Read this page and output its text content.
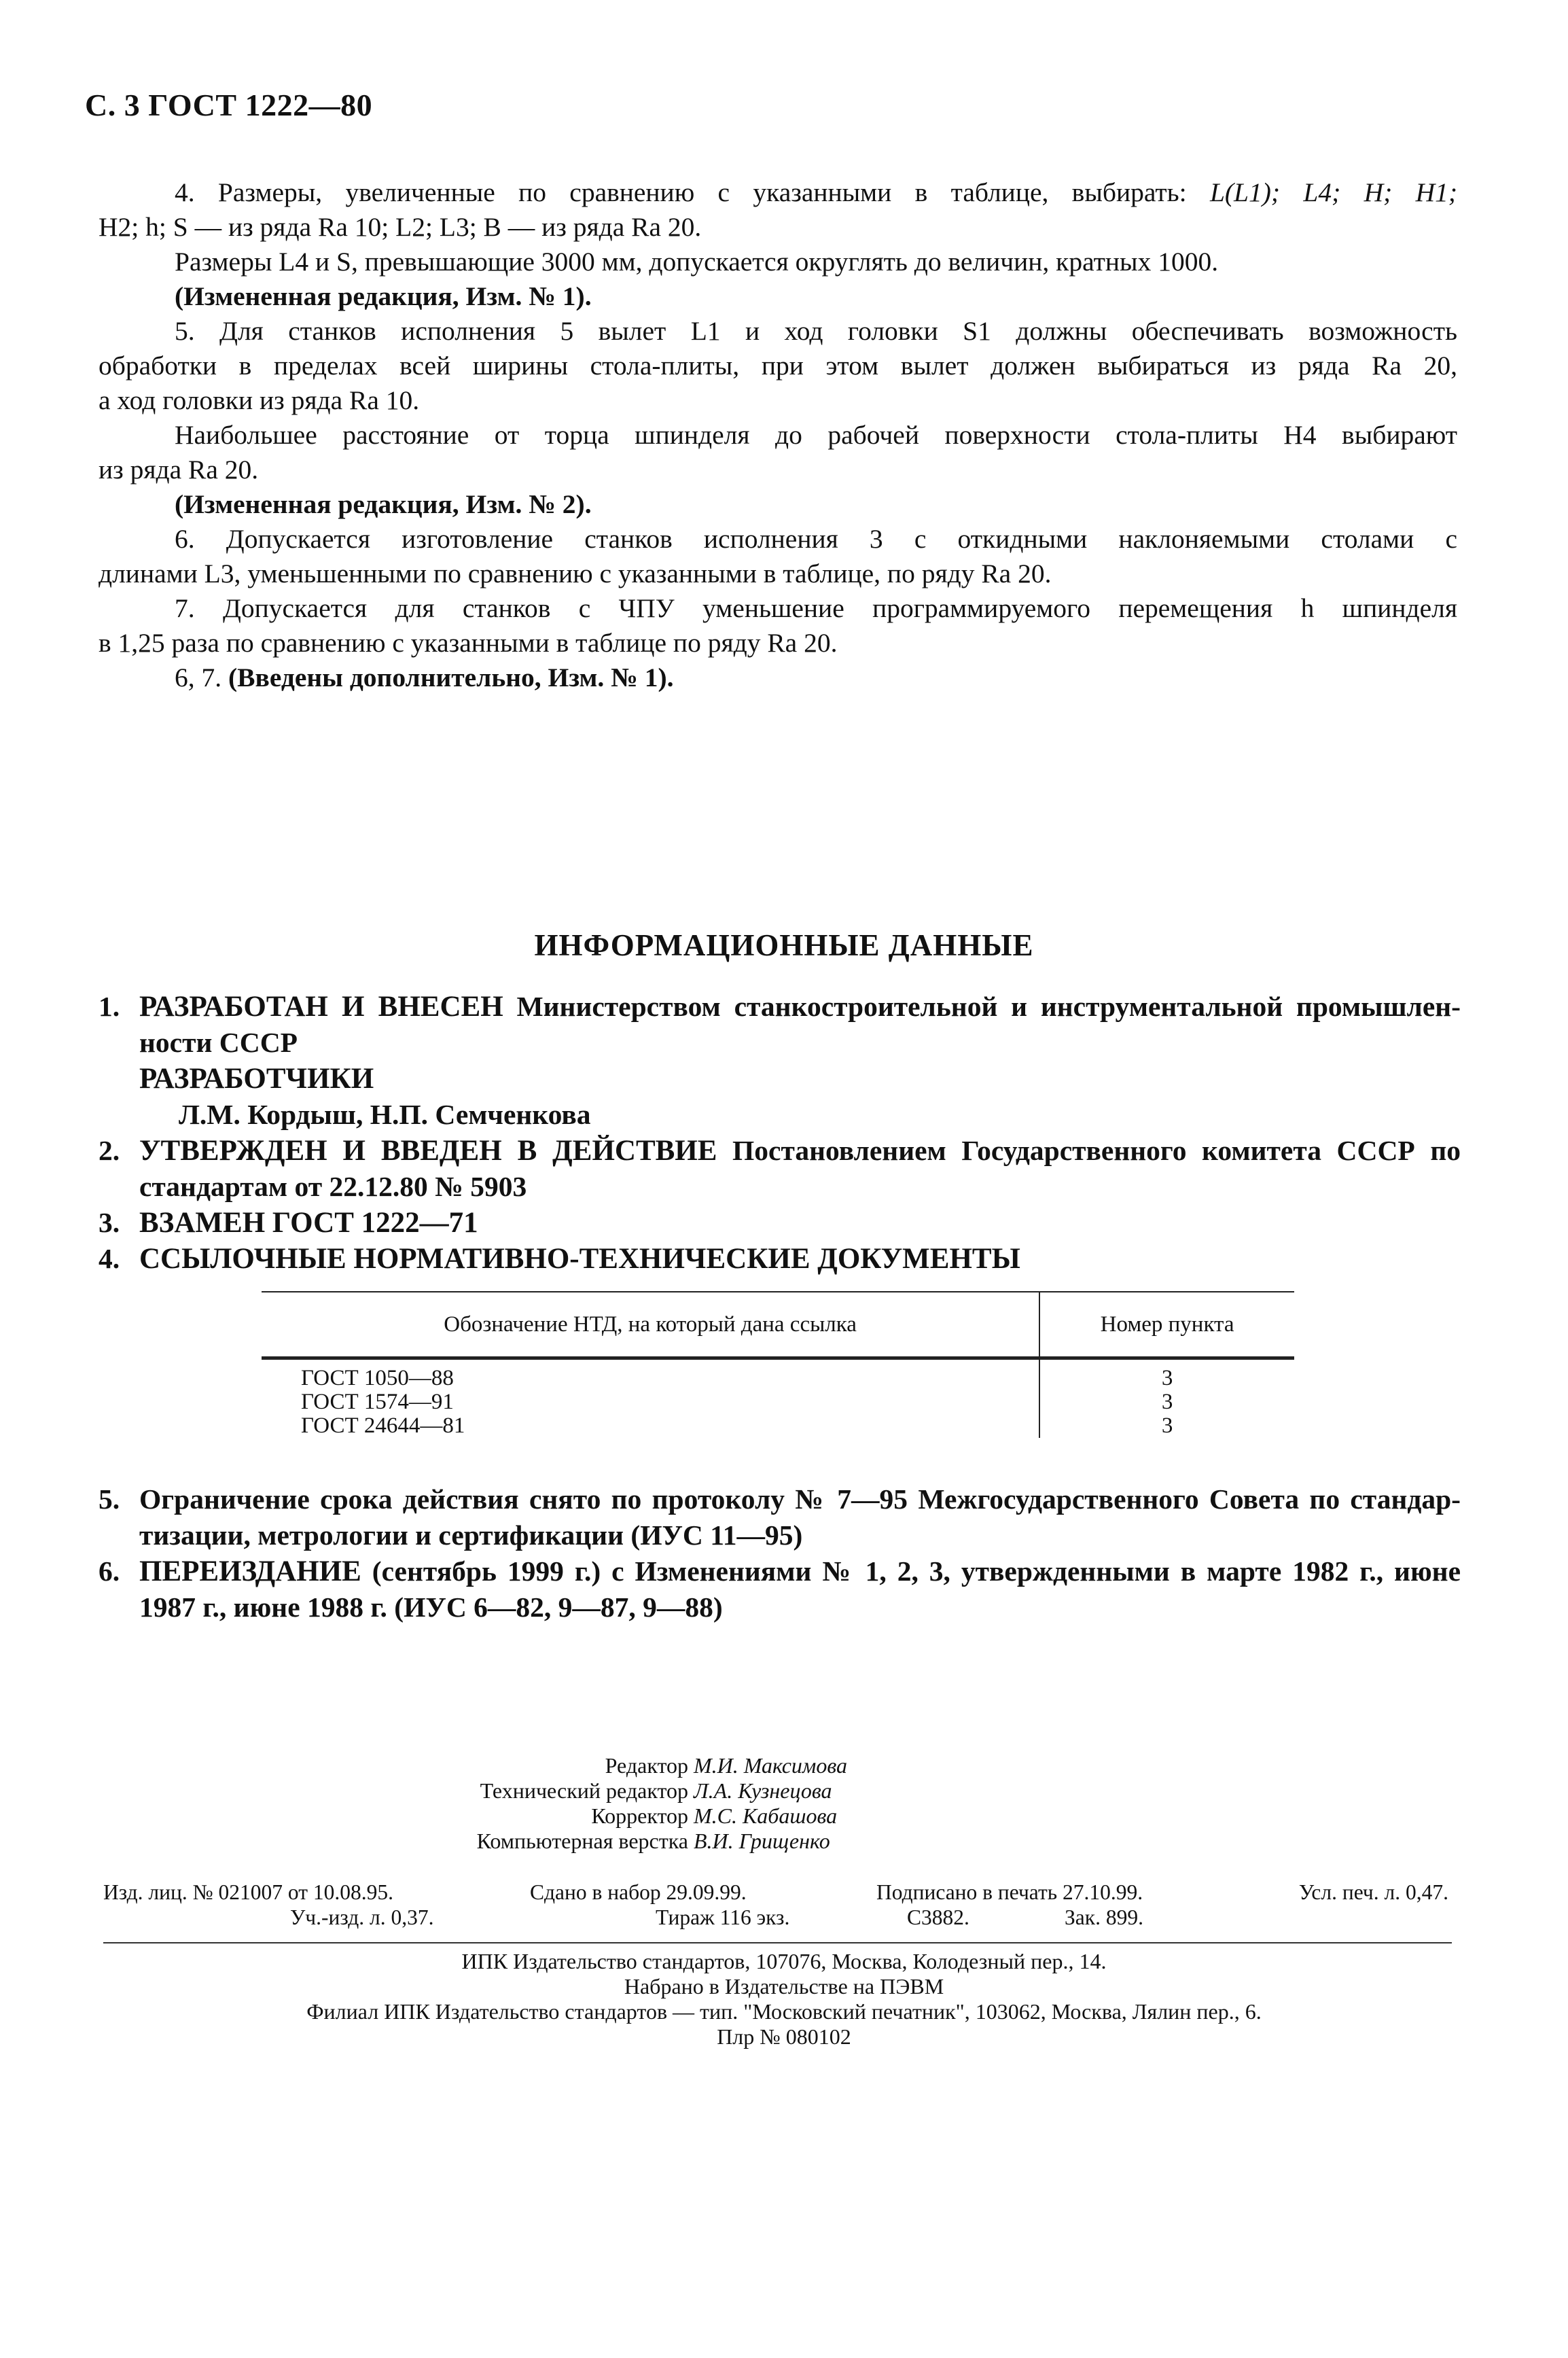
С. 3 ГОСТ 1222—80

4. Размеры, увеличенные по сравнению с указанными в таблице, выбирать: L(L1); L4; H; H1;

H2; h; S — из ряда Ra 10; L2; L3; B — из ряда Ra 20.

Размеры L4 и S, превышающие 3000 мм, допускается округлять до величин, кратных 1000.

(Измененная редакция, Изм. № 1).

5. Для станков исполнения 5 вылет L1 и ход головки S1 должны обеспечивать возможность

обработки в пределах всей ширины стола-плиты, при этом вылет должен выбираться из ряда Ra 20,

а ход головки из ряда Ra 10.

Наибольшее расстояние от торца шпинделя до рабочей поверхности стола-плиты H4 выбирают

из ряда Ra 20.

(Измененная редакция, Изм. № 2).

6. Допускается изготовление станков исполнения 3 с откидными наклоняемыми столами с

длинами L3, уменьшенными по сравнению с указанными в таблице, по ряду Ra 20.

7. Допускается для станков с ЧПУ уменьшение программируемого перемещения h шпинделя

в 1,25 раза по сравнению с указанными в таблице по ряду Ra 20.

6, 7. (Введены дополнительно, Изм. № 1).

ИНФОРМАЦИОННЫЕ ДАННЫЕ
1. РАЗРАБОТАН И ВНЕСЕН Министерством станкостроительной и инструментальной промышлен-
ности СССР
РАЗРАБОТЧИКИ
Л.М. Кордыш, Н.П. Семченкова
2. УТВЕРЖДЕН И ВВЕДЕН В ДЕЙСТВИЕ Постановлением Государственного комитета СССР по
стандартам от 22.12.80 № 5903
3. ВЗАМЕН ГОСТ 1222—71
4. ССЫЛОЧНЫЕ НОРМАТИВНО-ТЕХНИЧЕСКИЕ ДОКУМЕНТЫ
Обозначение НТД, на который дана ссылка	Номер пункта
ГОСТ 1050—88	3
ГОСТ 1574—91	3
ГОСТ 24644—81	3
5. Ограничение срока действия снято по протоколу № 7—95 Межгосударственного Совета по стандар-
тизации, метрологии и сертификации (ИУС 11—95)
6. ПЕРЕИЗДАНИЕ (сентябрь 1999 г.) с Изменениями № 1, 2, 3, утвержденными в марте 1982 г., июне
1987 г., июне 1988 г. (ИУС 6—82, 9—87, 9—88)
Редактор М.И. Максимова
Технический редактор Л.А. Кузнецова
Корректор М.С. Кабашова
Компьютерная верстка В.И. Грищенко
Изд. лиц. № 021007 от 10.08.95.	Сдано в набор 29.09.99.	Подписано в печать 27.10.99.	Усл. печ. л. 0,47.
Уч.-изд. л. 0,37.	Тираж 116 экз.	С3882.	Зак. 899.

ИПК Издательство стандартов, 107076, Москва, Колодезный пер., 14.

Набрано в Издательстве на ПЭВМ

Филиал ИПК Издательство стандартов — тип. "Московский печатник", 103062, Москва, Лялин пер., 6.

Плр № 080102
